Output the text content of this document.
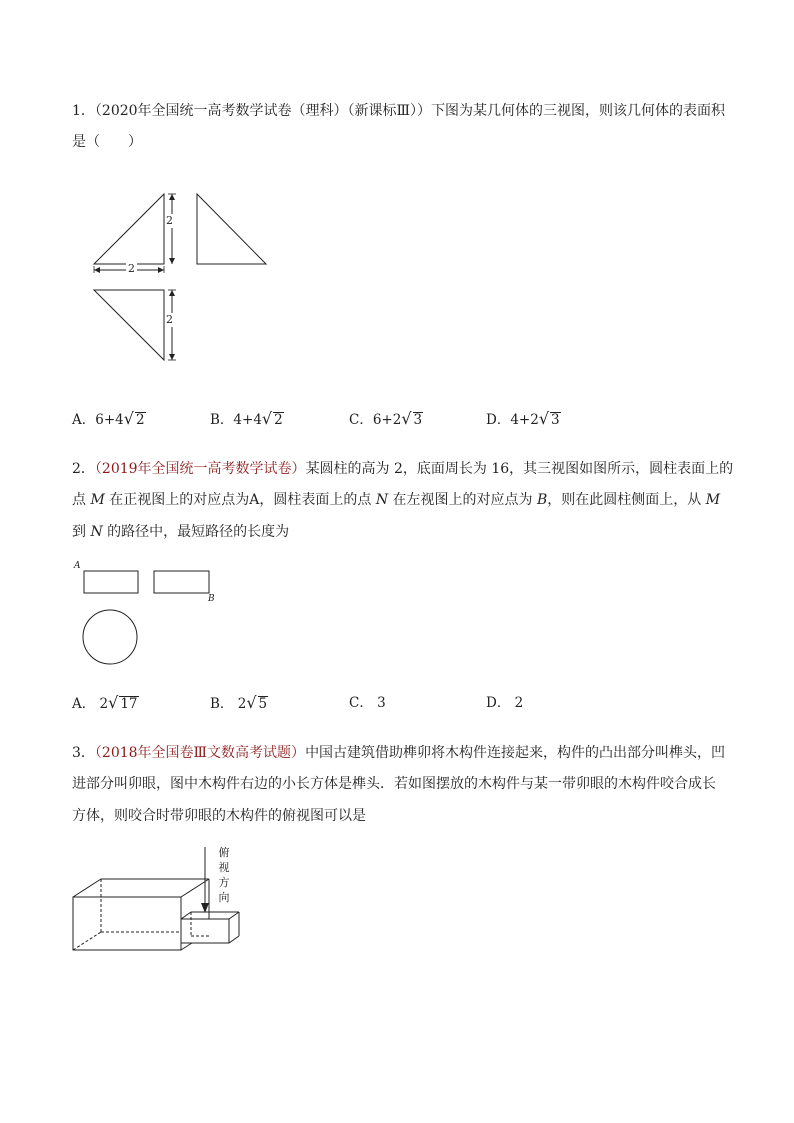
1．（2020年全国统一高考数学试卷（理科）（新课标Ⅲ））下图为某几何体的三视图，则该几何体的表面积
是（　　）
2
2
2
A．6+4√ 2	B．4+4√ 2	C．6+2√ 3	D．4+2√ 3
2．（2019年全国统一高考数学试卷）某圆柱的高为 2，底面周长为 16，其三视图如图所示，圆柱表面上的
点 M 在正视图上的对应点为A，圆柱表面上的点 N 在左视图上的对应点为 B，则在此圆柱侧面上，从 M
到 N 的路径中，最短路径的长度为
A
B
A． 2√ 17	B． 2√ 5	C． 3	D． 2
3．（2018年全国卷Ⅲ文数高考试题）中国古建筑借助榫卯将木构件连接起来，构件的凸出部分叫榫头，凹
进部分叫卯眼，图中木构件右边的小长方体是榫头．若如图摆放的木构件与某一带卯眼的木构件咬合成长
方体，则咬合时带卯眼的木构件的俯视图可以是
俯
视
方
向
